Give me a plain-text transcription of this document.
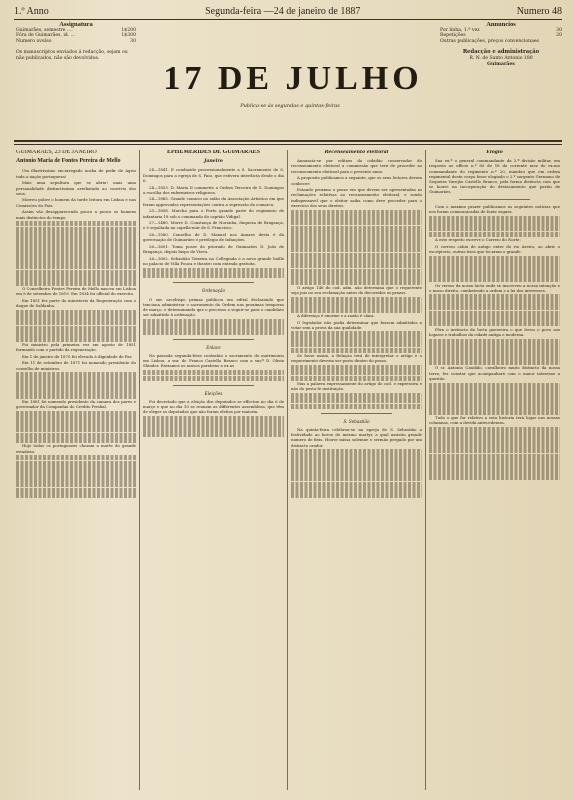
1.º Anno	Segunda-feira —24 de janeiro de 1887	Numero 48
Assignatura
Guimarães, semestre ....	1$200
Fóra de Guimarães, id. ...	1$300
Numero avulso	30
Os manuscriptos enviados á redacção, sejam ou não publicados, não são devolvidos.
17 DE JULHO
Publica-se ás segundas e quintas-feiras
Annuncios
Por linha, 1.ª vez	30
Repetições	20
Outras publicações, preços convencionaes
Redacção e administração
R. N. de Santo Antonio 180
Guimarães
GUIMARÃES, 23 DE JANEIRO
Antonio Maria de Fontes Pereira de Mello

Um illustrissimo encarregado acaba de pedir de Agrio toda a nação portugueza!

Mais uma sepultura que se abriu! mais uma personalidade distinctissima arrebatada ao convivio dos seus.

Morreu pobre o homem da tarde leitora em Lisboa e nas Comissões do Paiz.

Assim vão desapparecendo pouco a pouco os homens mais distinctos do tempo.

O Conselheiro Fontes Pereira de Mello nasceu em Lisboa em 8 de setembro de 1819. Em 1834 foi official do exercito.

Em 1851 fez parte do ministerio da Regeneração com o duque de Saldanha.

Foi ministro pela primeira vez em agosto de 1851 formando com o partido da regeneração.

Em 1 de janeiro de 1870 foi elevado á dignidade de Par.

Em 11 de setembro de 1871 foi nomeado presidente do conselho de ministros.

Em 1881 foi nomeado presidente da camara dos pares e governador da Companhia do Credito Predial.

Hoje todos os portuguezes choram a morte do grande estadista.

EPHEMERIDES DE GUIMARÃES
Janeiro

24—1841. E conduzido processionalmente a S. Sacramento de S. Domingos para a egreja de S. Paio, que estivera interdicta desde o dia 6.

24—1853. D. Maria II commette a Ordem Terceira de S. Domingos a escolha dos enfermeiros religiosos.

24—1885. Grande comicio no salão da Associação Artistica em que foram approvadas representações contra a supressão da comarca.

25—1858. Marcha para o Porto grande parte do regimento de infantaria 18 sob o commando do capitão Vidigal.

27—1480. Morre D. Constança de Noronha, duqueza de Bragança, e é sepultada na capella-mór de S. Francisco.

26—1580. Conselho de D. Manuel nos Annaes desta é da governação de Guimarães e privilegio de Infanções.

26—1601. Toma posse do priorado de Guimarães D. João de Bragança, depois bispo de Viseu.

26—1602. Sebastião Teixeira na Collegiada e a nova grande baille no palacio de Villa Pouca e theatro com entrada gratuita.

Ordenação

O snr. arcebispo primaz publicou um edital declarando que tenciona administrar o sacramento da Ordem nas proximas temporas de março, e determinando que o processo a seguir-se para o candidato ser admittido á ordenação.

Enlace

Na passada segunda-feira contrahiu o sacramento do matrimonio em Lisboa, o snr. dr. Franco Castello Branco com a snr.ª D. Olivia Shinder. Enviamos os nossos parabens a ex.as

Eleições

Foi decretado que a eleição dos deputados se effectue no dia 6 de março e que no dia 10 se reunam as differentes assembleas, que têm de eleger os deputados que não foram eleitos por maioria.

Recenseamento eleitoral

Annuncia-se por editaes do cidadão conservador do recenseamento eleitoral a commissão que terá de proceder ao recenseamento eleitoral para o presente anno.

A proposito publicamos a seguinte, que os seus leitores devem conhecer:

Estando proximo o prazo em que devem ser apresentadas as reclamações relativas ao recenseamento eleitoral, e sendo indispensavel que o eleitor saiba como deve proceder para o exercicio dos seus direitos.

O artigo 146 do cod. adm. não determina que o requerente seja juiz no seu reclamação antes de decorridos os prazos.

A diferença é enorme e a razão é clara.

O legislador não podia determinar que fossem admittidos a votar sem a prova da sua qualidade.

Se fosse assim, a Relação terá de interpretar o artigo e o requerimento deveria ser posto dentro do prazo.

Mas a palavra expressamente do artigo do cod. e expressiva e não do pesta fe instituição.

S. Sebastião

Na quinta-feira celebrou-se na egreja de S. Sebastião a festividade ao heroe do mesmo martyr, a qual assistiu grande numero de fieis. Houve missa solemne e sermão pregado por um distincto orador.

Elogio

Sua ex.ª o general commandante da 3.ª divisão militar, em resposta ao officio n.º 80 de 18 do corrente mez do ex.mo commandante do regimento n.º 20, mandou que em ordem regimental deste corpo fosse elogiado o 2.º sargento Germano de Sequeira Varejão Castello Branco, pela forma distincta com que se houve na incorporação do destacamento que partiu de Guimarães.

Com o maximo prazer publicamos as seguintes noticias que nos foram communicadas de fonte segura.

A este respeito escreve o Correio do Norte:

O correio cahiu do antigo entre do rio Aveiro, ao abrir o escriptorio, outras tiras que tocaram o grande.

Os versos da nossa lucta onde se inscreveu a nossa intenção e o nosso direito, combatendo a ordem e a lei dos interesses.

Fôra o instincto da lucta guerreira o que levou o povo aos logares e trabalhos da cidade antiga e moderna.

O sr. Antonio Candido, cavalheiro muito distincto da nossa terra, fez constar que acompanhará com o maior interesse a questão.

Tudo o que for relativo a esta historia terá logar nas nossas columnas, com a devida antecedencia.
